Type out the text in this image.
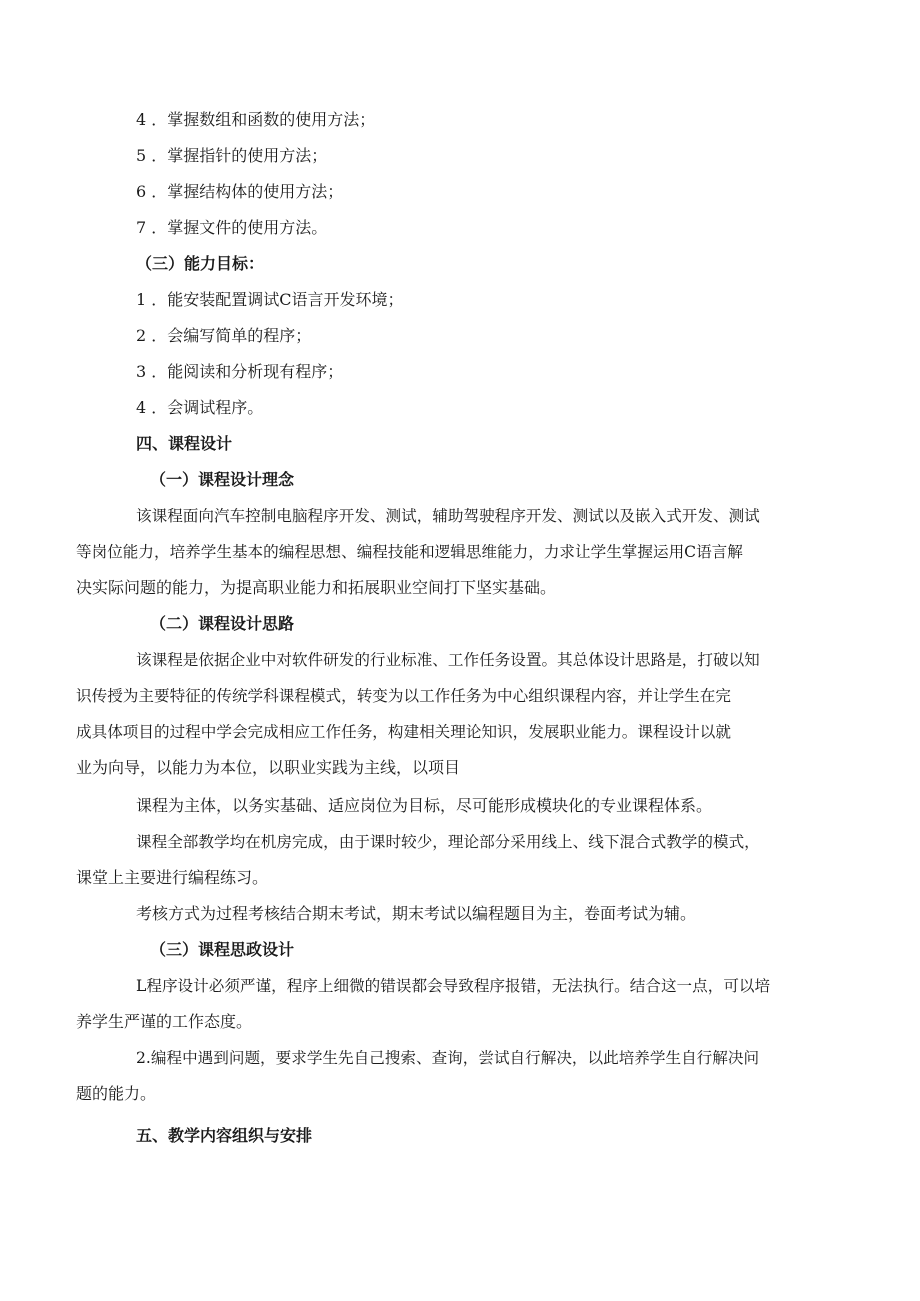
4 ．掌握数组和函数的使用方法；
5 ．掌握指针的使用方法；
6 ．掌握结构体的使用方法；
7 ．掌握文件的使用方法。
（三）能力目标：
1 ．能安装配置调试C语言开发环境；
2 ．会编写简单的程序；
3 ．能阅读和分析现有程序；
4 ．会调试程序。
四、课程设计
（一）课程设计理念
该课程面向汽车控制电脑程序开发、测试，辅助驾驶程序开发、测试以及嵌入式开发、测试
等岗位能力，培养学生基本的编程思想、编程技能和逻辑思维能力，力求让学生掌握运用C语言解
决实际问题的能力，为提高职业能力和拓展职业空间打下坚实基础。
（二）课程设计思路
该课程是依据企业中对软件研发的行业标准、工作任务设置。其总体设计思路是，打破以知
识传授为主要特征的传统学科课程模式，转变为以工作任务为中心组织课程内容，并让学生在完
成具体项目的过程中学会完成相应工作任务，构建相关理论知识，发展职业能力。课程设计以就
业为向导，以能力为本位，以职业实践为主线，以项目
课程为主体，以务实基础、适应岗位为目标，尽可能形成模块化的专业课程体系。
课程全部教学均在机房完成，由于课时较少，理论部分采用线上、线下混合式教学的模式，
课堂上主要进行编程练习。
考核方式为过程考核结合期末考试，期末考试以编程题目为主，卷面考试为辅。
（三）课程思政设计
L程序设计必须严谨，程序上细微的错误都会导致程序报错，无法执行。结合这一点，可以培
养学生严谨的工作态度。
2.编程中遇到问题，要求学生先自己搜索、查询，尝试自行解决，以此培养学生自行解决问
题的能力。
五、教学内容组织与安排
